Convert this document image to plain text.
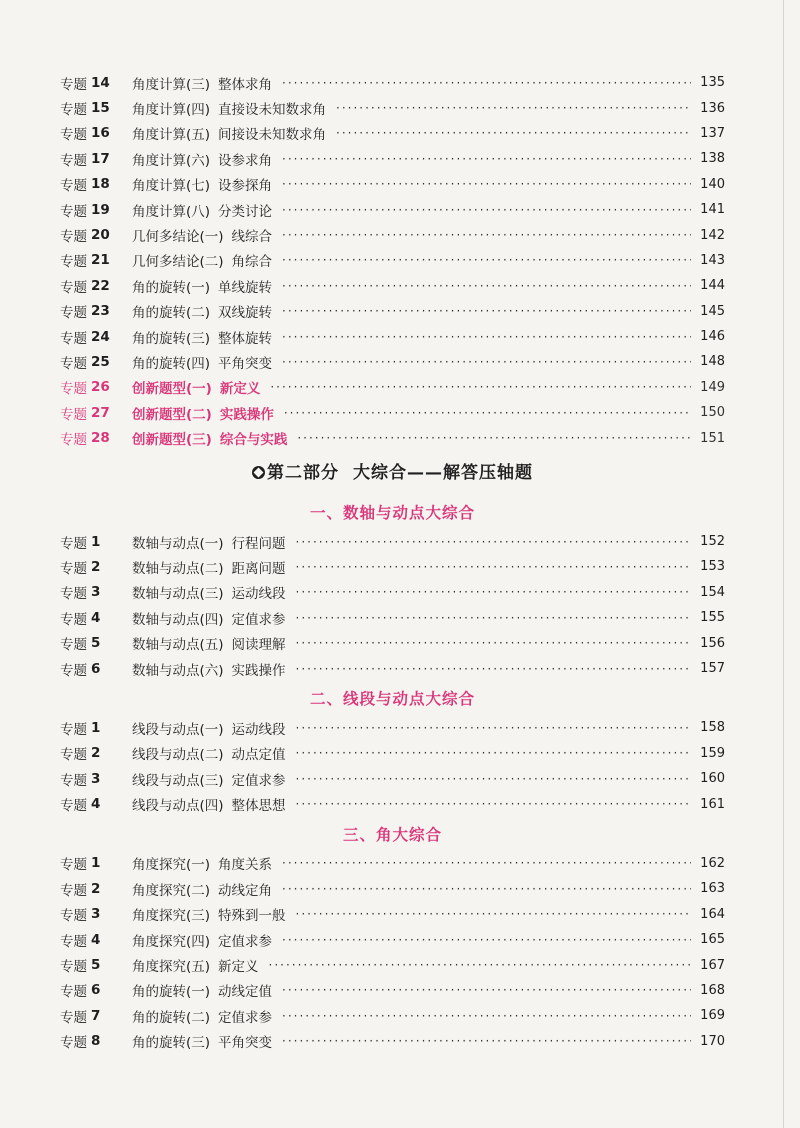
专题 14 角度计算(三) 整体求角 ·····	135
专题 15 角度计算(四) 直接设未知数求角 ·····	136
专题 16 角度计算(五) 间接设未知数求角 ·····	137
专题 17 角度计算(六) 设参求角 ·····	138
专题 18 角度计算(七) 设参探角 ·····	140
专题 19 角度计算(八) 分类讨论 ·····	141
专题 20 几何多结论(一) 线综合 ·····	142
专题 21 几何多结论(二) 角综合 ·····	143
专题 22 角的旋转(一) 单线旋转 ·····	144
专题 23 角的旋转(二) 双线旋转 ·····	145
专题 24 角的旋转(三) 整体旋转 ·····	146
专题 25 角的旋转(四) 平角突变 ·····	148
专题 26 创新题型(一) 新定义 ·····	149
专题 27 创新题型(二) 实践操作 ·····	150
专题 28 创新题型(三) 综合与实践 ·····	151
第二部分 大综合——解答压轴题
一、数轴与动点大综合
专题 1 数轴与动点(一) 行程问题 ·····	152
专题 2 数轴与动点(二) 距离问题 ·····	153
专题 3 数轴与动点(三) 运动线段 ·····	154
专题 4 数轴与动点(四) 定值求参 ·····	155
专题 5 数轴与动点(五) 阅读理解 ·····	156
专题 6 数轴与动点(六) 实践操作 ·····	157
二、线段与动点大综合
专题 1 线段与动点(一) 运动线段 ·····	158
专题 2 线段与动点(二) 动点定值 ·····	159
专题 3 线段与动点(三) 定值求参 ·····	160
专题 4 线段与动点(四) 整体思想 ·····	161
三、角大综合
专题 1 角度探究(一) 角度关系 ·····	162
专题 2 角度探究(二) 动线定角 ·····	163
专题 3 角度探究(三) 特殊到一般 ·····	164
专题 4 角度探究(四) 定值求参 ·····	165
专题 5 角度探究(五) 新定义 ·····	167
专题 6 角的旋转(一) 动线定值 ·····	168
专题 7 角的旋转(二) 定值求参 ·····	169
专题 8 角的旋转(三) 平角突变 ·····	170
